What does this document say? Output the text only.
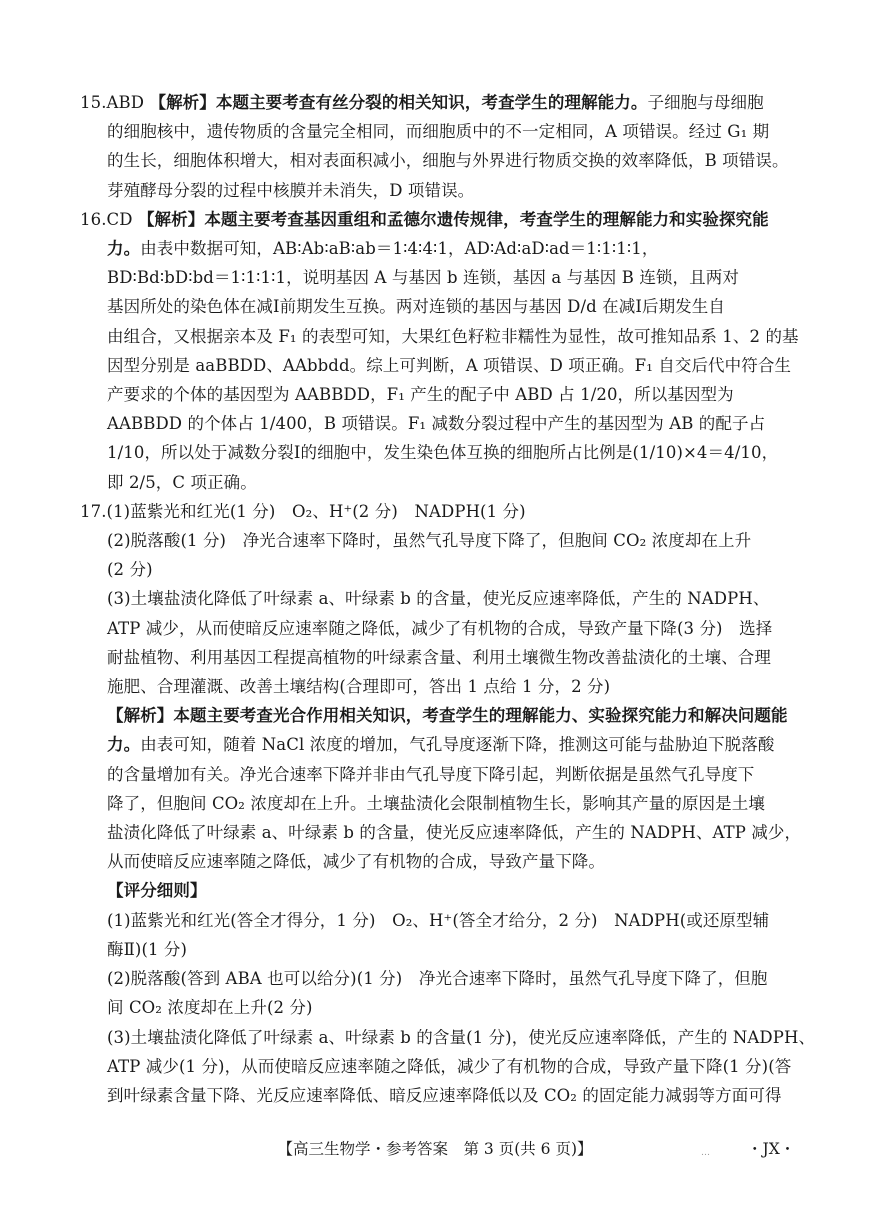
15.ABD 【解析】本题主要考查有丝分裂的相关知识，考查学生的理解能力。子细胞与母细胞
的细胞核中，遗传物质的含量完全相同，而细胞质中的不一定相同，A 项错误。经过 G₁ 期
的生长，细胞体积增大，相对表面积减小，细胞与外界进行物质交换的效率降低，B 项错误。
芽殖酵母分裂的过程中核膜并未消失，D 项错误。
16.CD 【解析】本题主要考查基因重组和孟德尔遗传规律，考查学生的理解能力和实验探究能
力。由表中数据可知，AB∶Ab∶aB∶ab＝1∶4∶4∶1，AD∶Ad∶aD∶ad＝1∶1∶1∶1，
BD∶Bd∶bD∶bd＝1∶1∶1∶1，说明基因 A 与基因 b 连锁，基因 a 与基因 B 连锁，且两对
基因所处的染色体在减Ⅰ前期发生互换。两对连锁的基因与基因 D/d 在减Ⅰ后期发生自
由组合，又根据亲本及 F₁ 的表型可知，大果红色籽粒非糯性为显性，故可推知品系 1、2 的基
因型分别是 aaBBDD、AAbbdd。综上可判断，A 项错误、D 项正确。F₁ 自交后代中符合生
产要求的个体的基因型为 AABBDD，F₁ 产生的配子中 ABD 占 1/20，所以基因型为
AABBDD 的个体占 1/400，B 项错误。F₁ 减数分裂过程中产生的基因型为 AB 的配子占
1/10，所以处于减数分裂Ⅰ的细胞中，发生染色体互换的细胞所占比例是(1/10)×4＝4/10，
即 2/5，C 项正确。
17.(1)蓝紫光和红光(1 分)　O₂、H⁺(2 分)　NADPH(1 分)
(2)脱落酸(1 分)　净光合速率下降时，虽然气孔导度下降了，但胞间 CO₂ 浓度却在上升
(2 分)
(3)土壤盐渍化降低了叶绿素 a、叶绿素 b 的含量，使光反应速率降低，产生的 NADPH、
ATP 减少，从而使暗反应速率随之降低，减少了有机物的合成，导致产量下降(3 分)　选择
耐盐植物、利用基因工程提高植物的叶绿素含量、利用土壤微生物改善盐渍化的土壤、合理
施肥、合理灌溉、改善土壤结构(合理即可，答出 1 点给 1 分，2 分)
【解析】本题主要考查光合作用相关知识，考查学生的理解能力、实验探究能力和解决问题能
力。由表可知，随着 NaCl 浓度的增加，气孔导度逐渐下降，推测这可能与盐胁迫下脱落酸
的含量增加有关。净光合速率下降并非由气孔导度下降引起，判断依据是虽然气孔导度下
降了，但胞间 CO₂ 浓度却在上升。土壤盐渍化会限制植物生长，影响其产量的原因是土壤
盐渍化降低了叶绿素 a、叶绿素 b 的含量，使光反应速率降低，产生的 NADPH、ATP 减少，
从而使暗反应速率随之降低，减少了有机物的合成，导致产量下降。
【评分细则】
(1)蓝紫光和红光(答全才得分，1 分)　O₂、H⁺(答全才给分，2 分)　NADPH(或还原型辅
酶Ⅱ)(1 分)
(2)脱落酸(答到 ABA 也可以给分)(1 分)　净光合速率下降时，虽然气孔导度下降了，但胞
间 CO₂ 浓度却在上升(2 分)
(3)土壤盐渍化降低了叶绿素 a、叶绿素 b 的含量(1 分)，使光反应速率降低，产生的 NADPH、
ATP 减少(1 分)，从而使暗反应速率随之降低，减少了有机物的合成，导致产量下降(1 分)(答
到叶绿素含量下降、光反应速率降低、暗反应速率降低以及 CO₂ 的固定能力减弱等方面可得
【高三生物学・参考答案　第 3 页(共 6 页)】	… ・JX・
